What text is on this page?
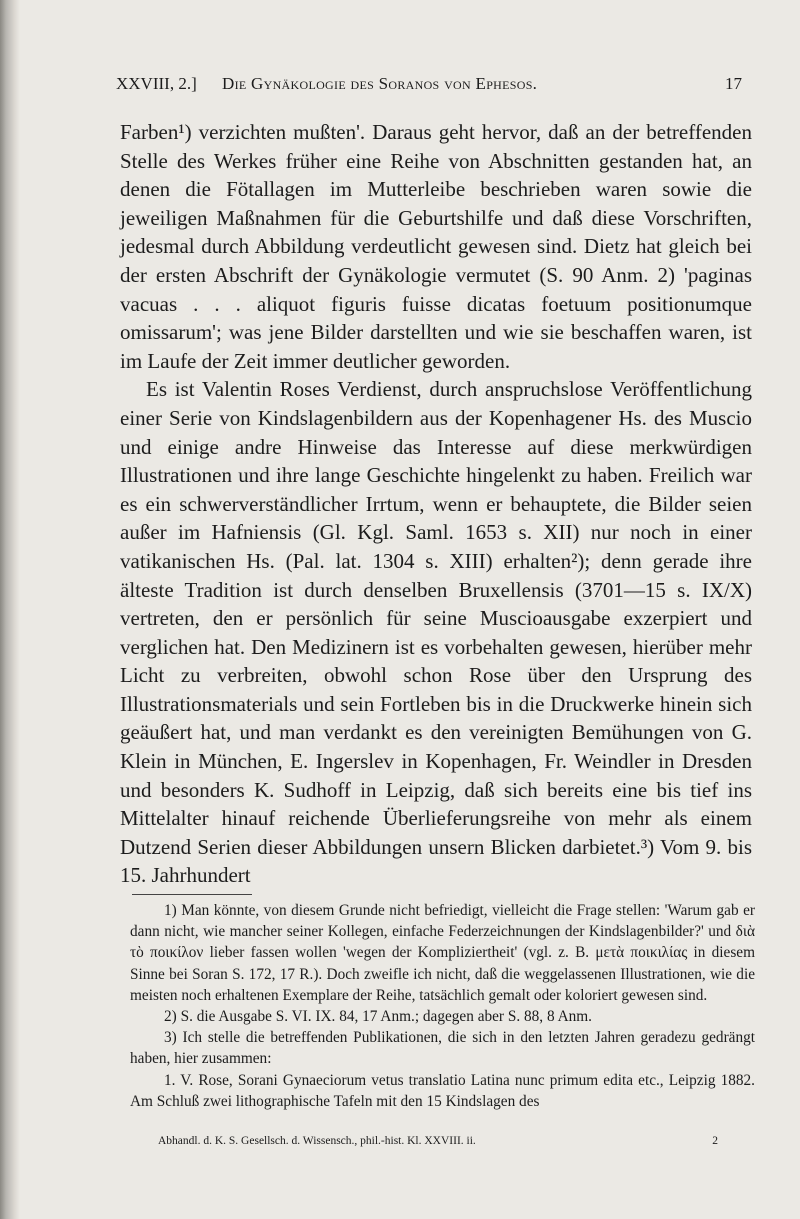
XXVIII, 2.] Die Gynäkologie des Soranos von Ephesos.	17

Farben¹) verzichten mußten'. Daraus geht hervor, daß an der betreffenden Stelle des Werkes früher eine Reihe von Abschnitten gestanden hat, an denen die Fötallagen im Mutterleibe beschrieben waren sowie die jeweiligen Maßnahmen für die Geburtshilfe und daß diese Vorschriften, jedesmal durch Abbildung verdeutlicht gewesen sind. Dietz hat gleich bei der ersten Abschrift der Gynäkologie vermutet (S. 90 Anm. 2) 'paginas vacuas . . . aliquot figuris fuisse dicatas foetuum positionumque omissarum'; was jene Bilder darstellten und wie sie beschaffen waren, ist im Laufe der Zeit immer deutlicher geworden.

Es ist Valentin Roses Verdienst, durch anspruchslose Veröffentlichung einer Serie von Kindslagenbildern aus der Kopenhagener Hs. des Muscio und einige andre Hinweise das Interesse auf diese merkwürdigen Illustrationen und ihre lange Geschichte hingelenkt zu haben. Freilich war es ein schwerverständlicher Irrtum, wenn er behauptete, die Bilder seien außer im Hafniensis (Gl. Kgl. Saml. 1653 s. XII) nur noch in einer vatikanischen Hs. (Pal. lat. 1304 s. XIII) erhalten²); denn gerade ihre älteste Tradition ist durch denselben Bruxellensis (3701—15 s. IX/X) vertreten, den er persönlich für seine Muscioausgabe exzerpiert und verglichen hat. Den Medizinern ist es vorbehalten gewesen, hierüber mehr Licht zu verbreiten, obwohl schon Rose über den Ursprung des Illustrationsmaterials und sein Fortleben bis in die Druckwerke hinein sich geäußert hat, und man verdankt es den vereinigten Bemühungen von G. Klein in München, E. Ingerslev in Kopenhagen, Fr. Weindler in Dresden und besonders K. Sudhoff in Leipzig, daß sich bereits eine bis tief ins Mittelalter hinauf reichende Überlieferungsreihe von mehr als einem Dutzend Serien dieser Abbildungen unsern Blicken darbietet.³) Vom 9. bis 15. Jahrhundert

1) Man könnte, von diesem Grunde nicht befriedigt, vielleicht die Frage stellen: 'Warum gab er dann nicht, wie mancher seiner Kollegen, einfache Federzeichnungen der Kindslagenbilder?' und διὰ τὸ ποικίλον lieber fassen wollen 'wegen der Kompliziertheit' (vgl. z. B. μετὰ ποικιλίας in diesem Sinne bei Soran S. 172, 17 R.). Doch zweifle ich nicht, daß die weggelassenen Illustrationen, wie die meisten noch erhaltenen Exemplare der Reihe, tatsächlich gemalt oder koloriert gewesen sind.

2) S. die Ausgabe S. VI. IX. 84, 17 Anm.; dagegen aber S. 88, 8 Anm.

3) Ich stelle die betreffenden Publikationen, die sich in den letzten Jahren geradezu gedrängt haben, hier zusammen:

1. V. Rose, Sorani Gynaeciorum vetus translatio Latina nunc primum edita etc., Leipzig 1882. Am Schluß zwei lithographische Tafeln mit den 15 Kindslagen des

Abhandl. d. K. S. Gesellsch. d. Wissensch., phil.-hist. Kl. XXVIII. ii.	2
